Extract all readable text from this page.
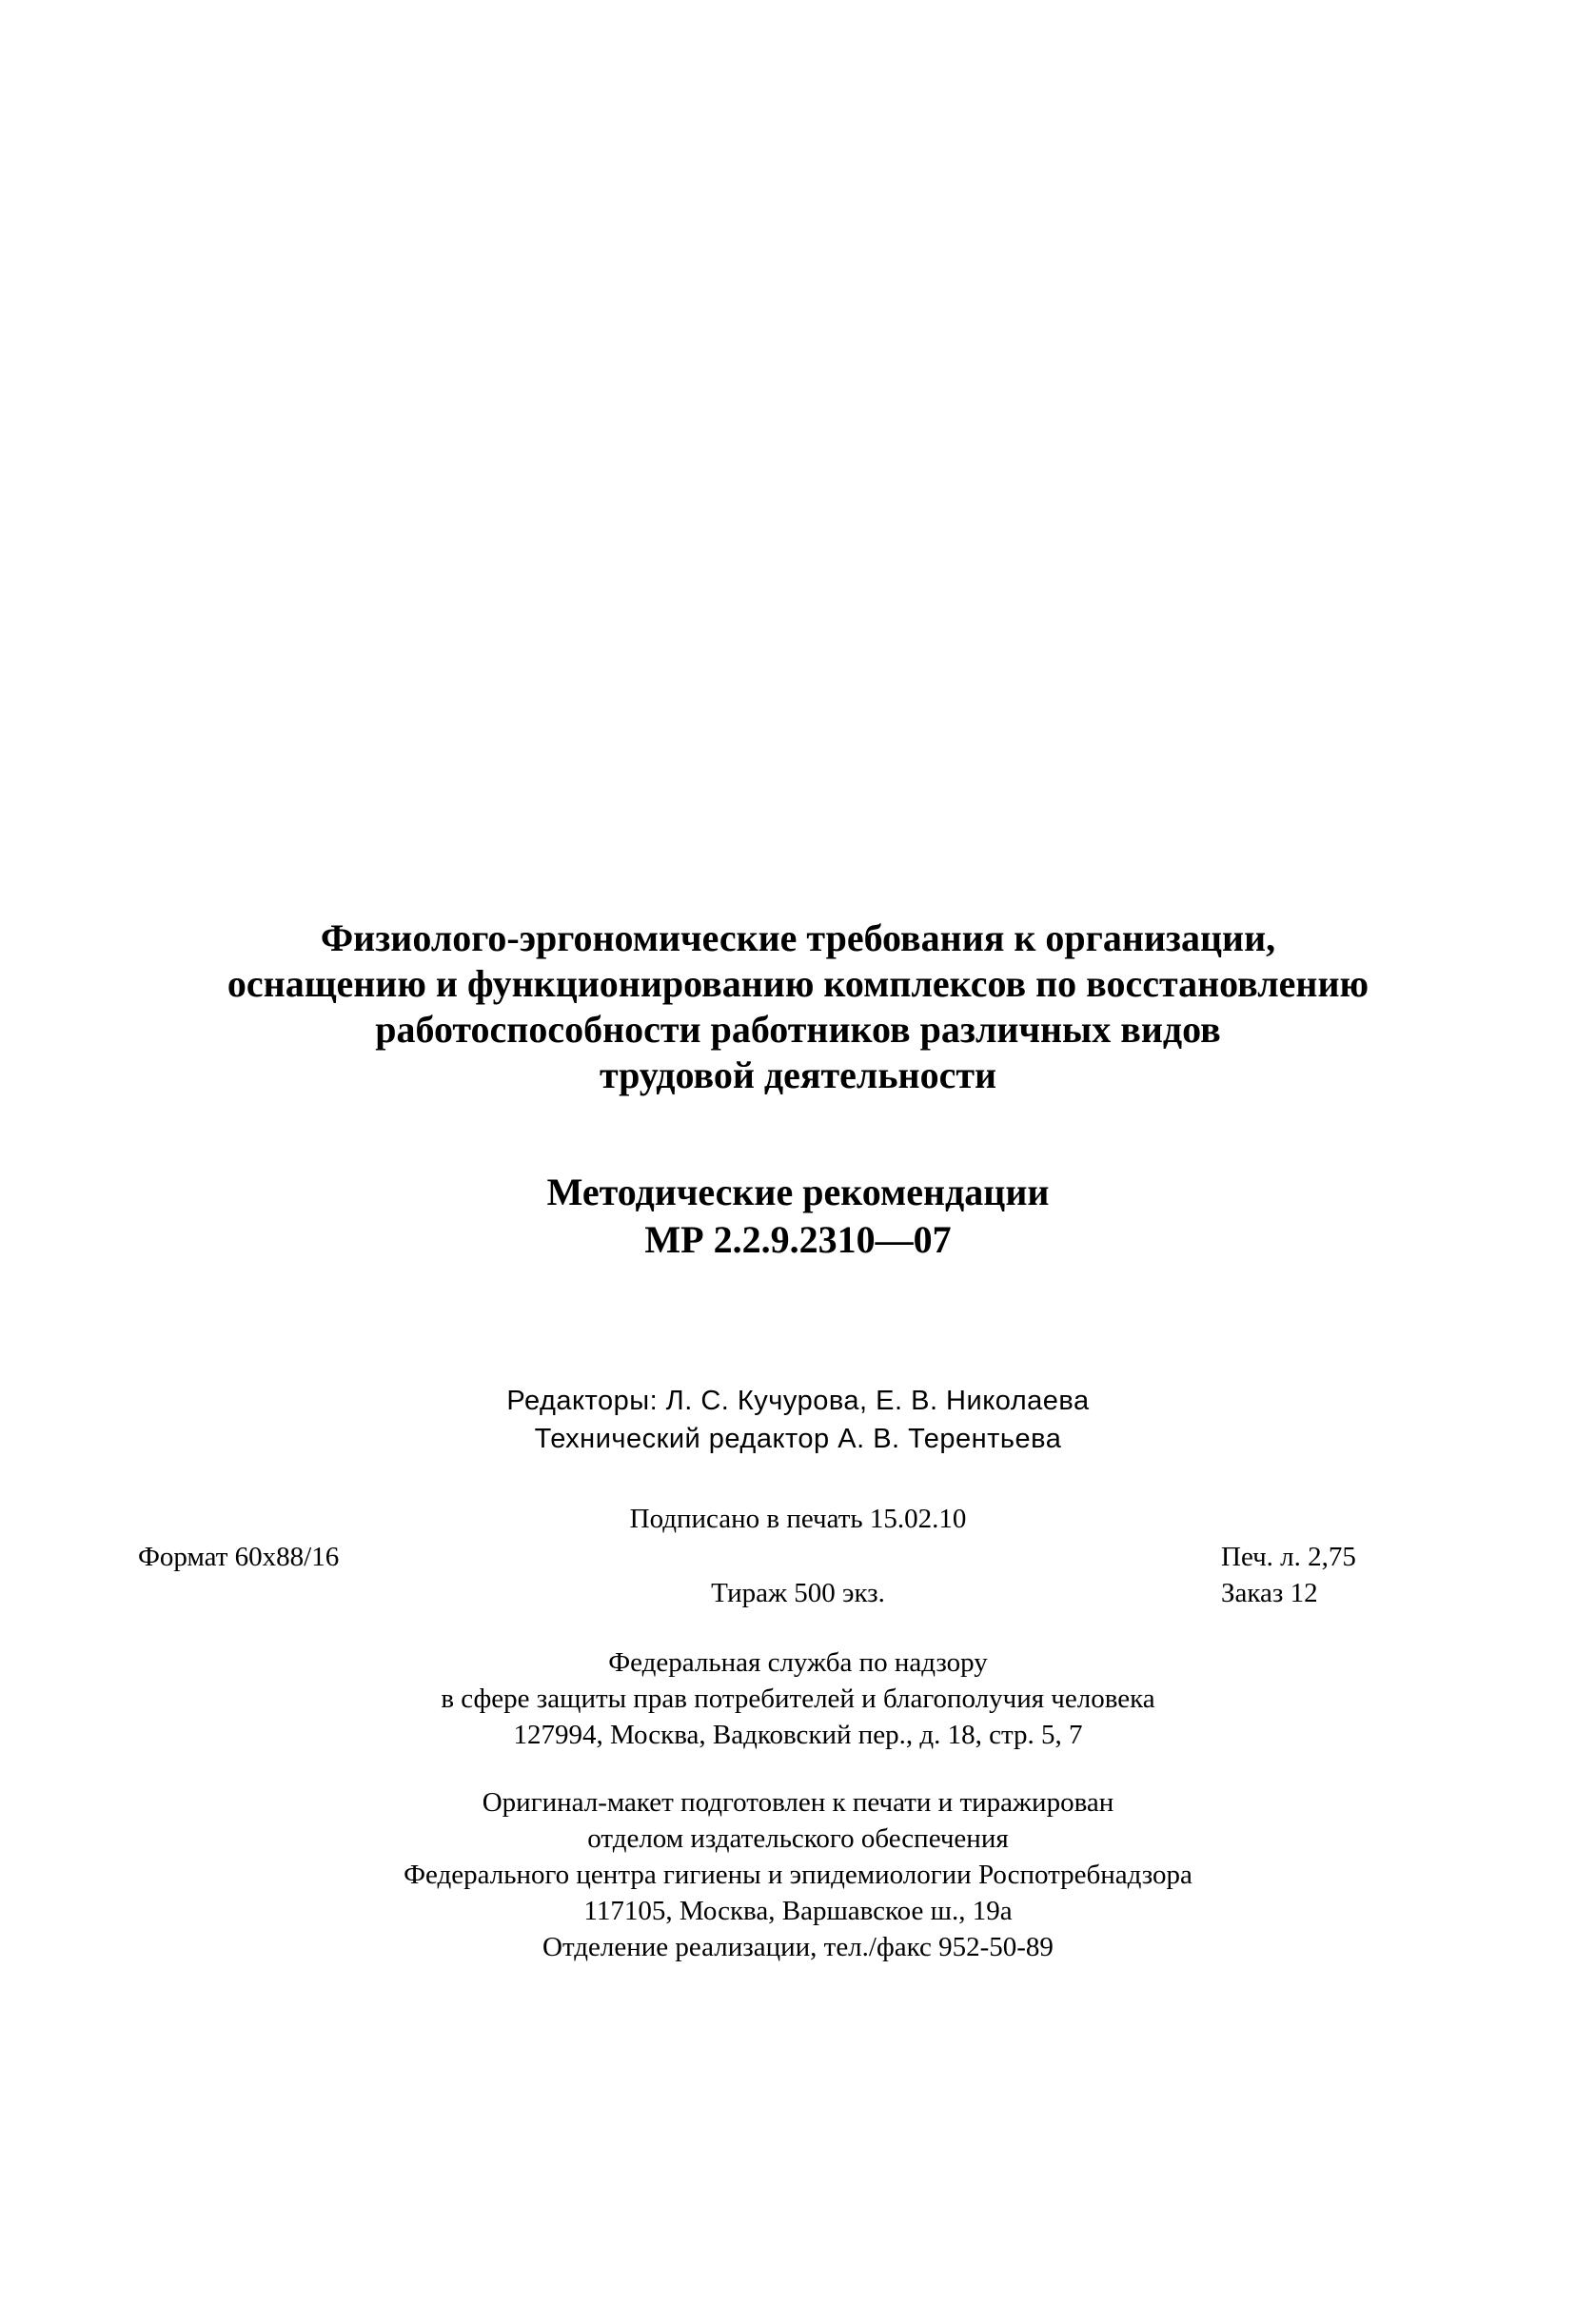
Физиолого-эргономические требования к организации,
оснащению и функционированию комплексов по восстановлению
работоспособности работников различных видов
трудовой деятельности
Методические рекомендации
МР 2.2.9.2310—07
Редакторы: Л. С. Кучурова, Е. В. Николаева
Технический редактор А. В. Терентьева
Подписано в печать 15.02.10
Формат 60x88/16	Печ. л. 2,75
Тираж 500 экз.	Заказ 12
Федеральная служба по надзору
в сфере защиты прав потребителей и благополучия человека
127994, Москва, Вадковский пер., д. 18, стр. 5, 7
Оригинал-макет подготовлен к печати и тиражирован
отделом издательского обеспечения
Федерального центра гигиены и эпидемиологии Роспотребнадзора
117105, Москва, Варшавское ш., 19а
Отделение реализации, тел./факс 952-50-89
